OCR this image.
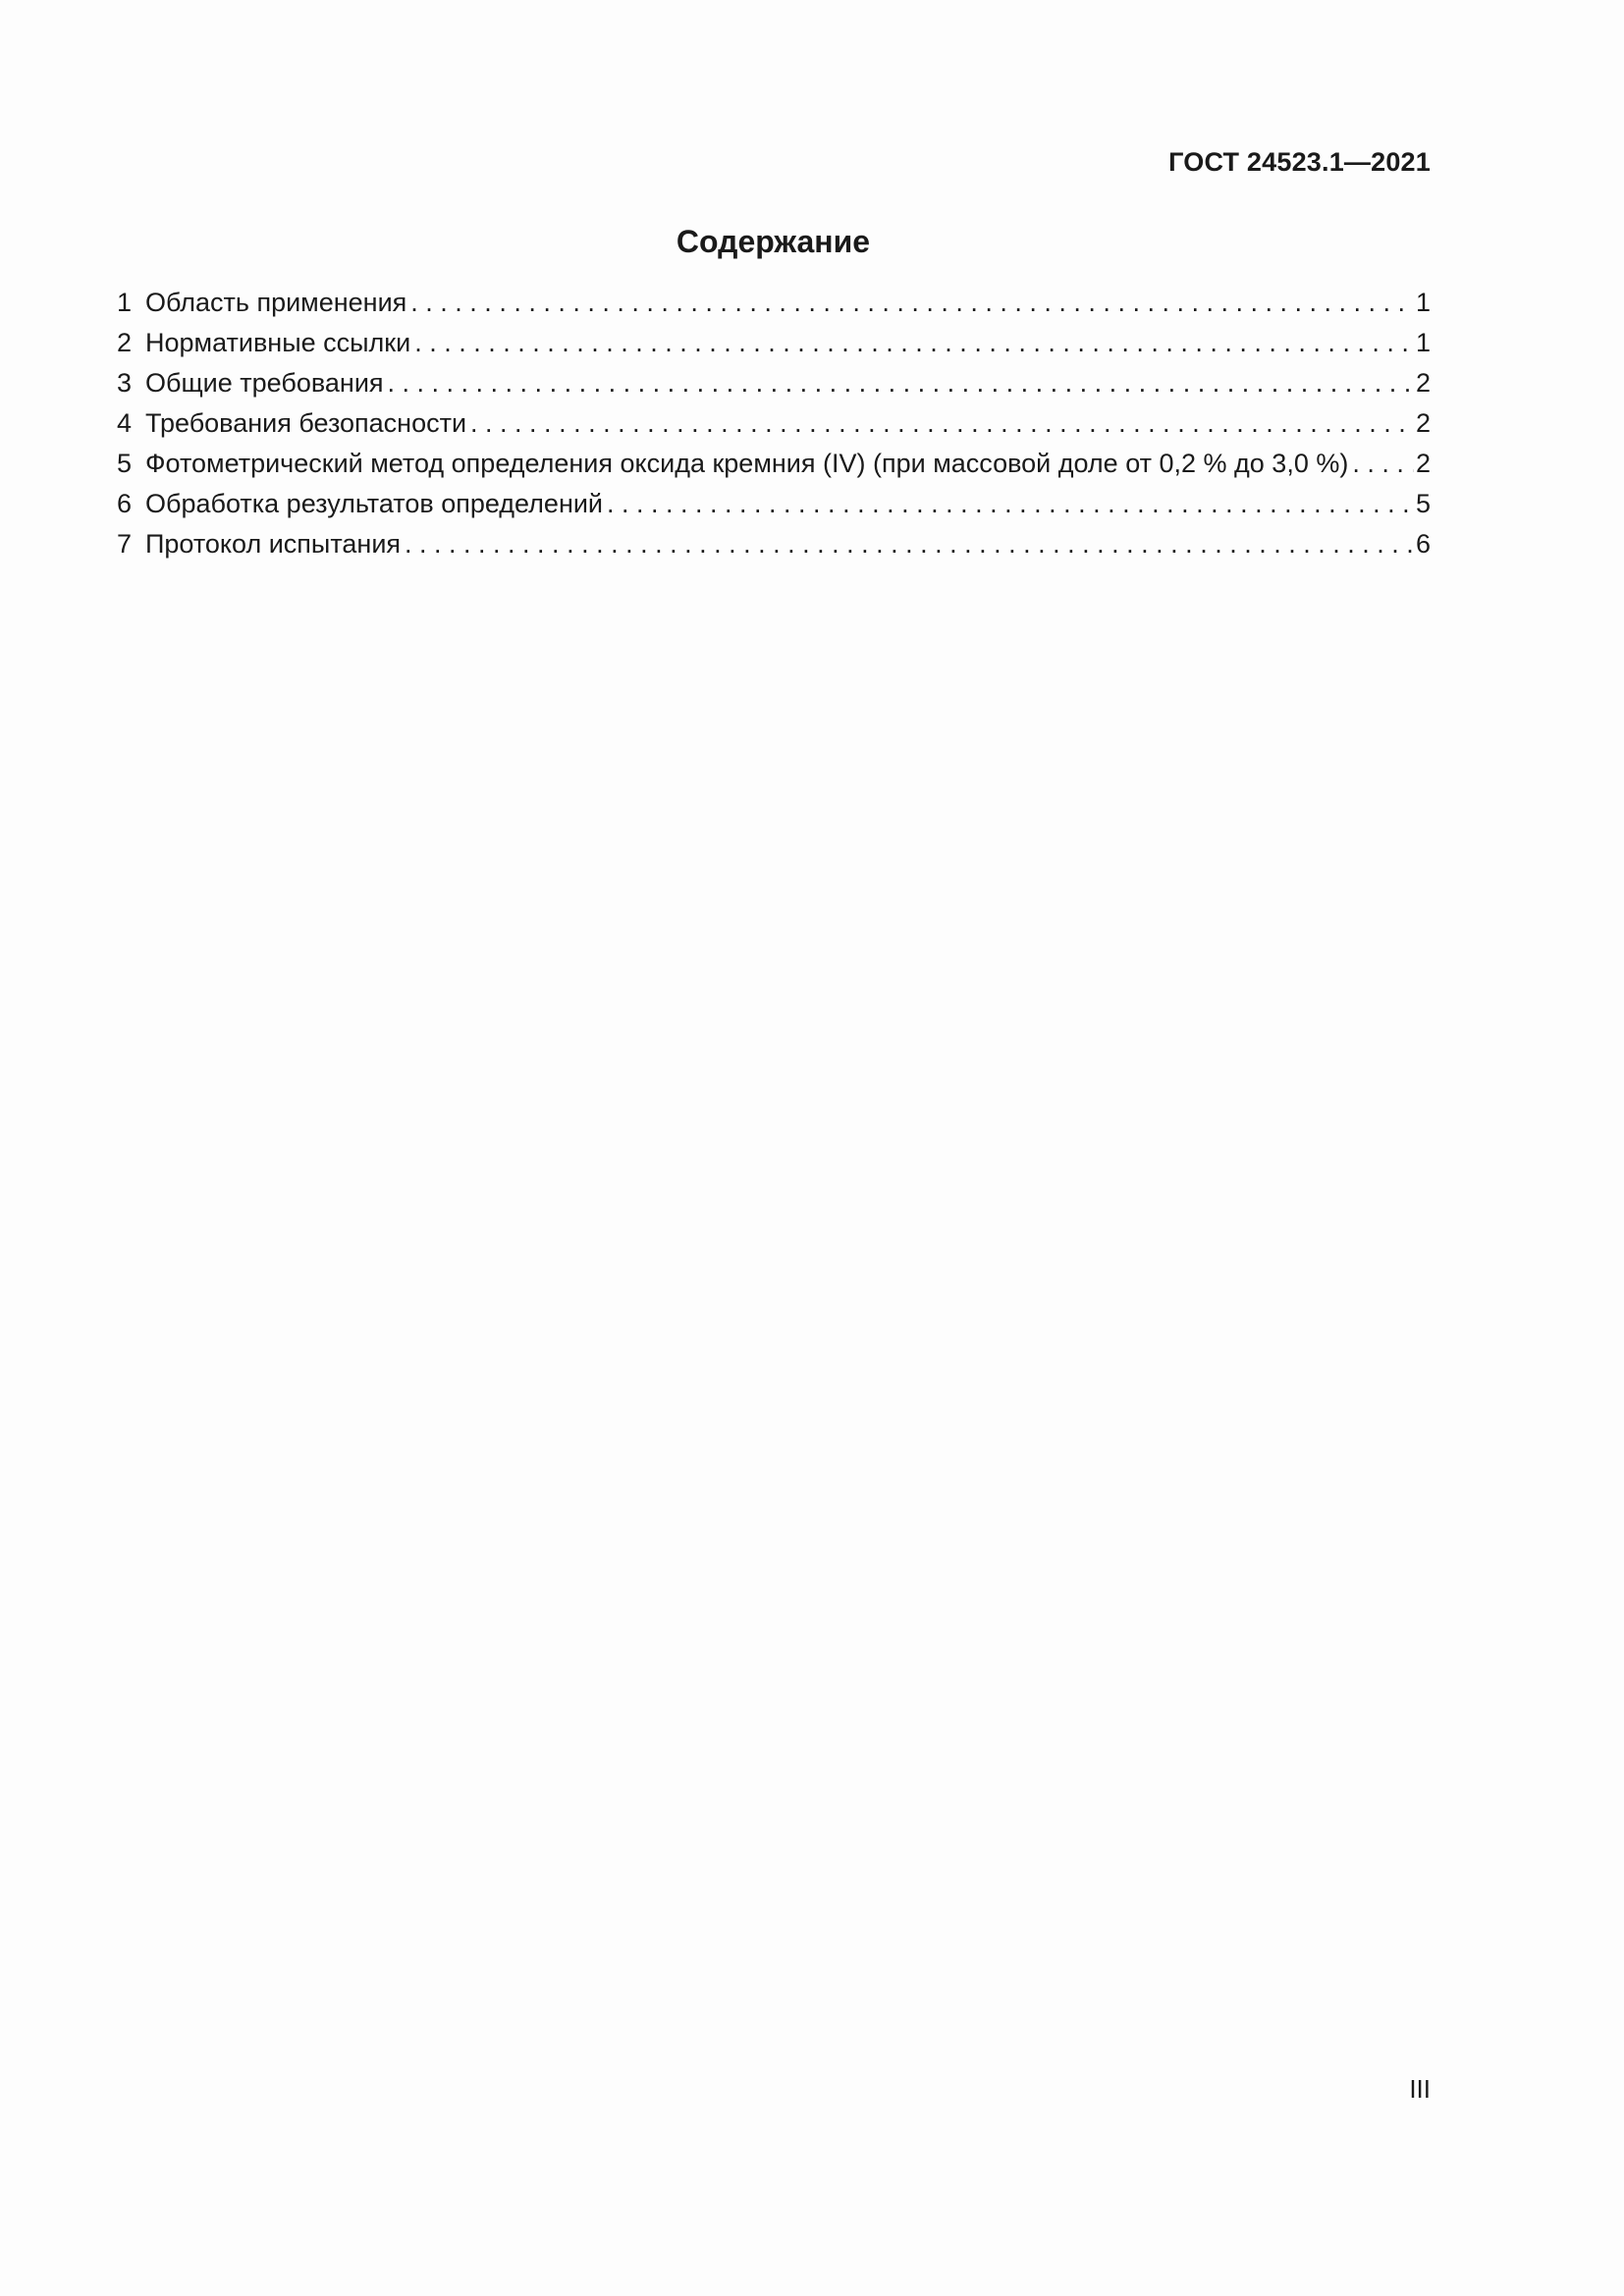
ГОСТ 24523.1—2021
Содержание
1 Область применения . . .	1
2 Нормативные ссылки . . .	1
3 Общие требования . . .	2
4 Требования безопасности . . .	2
5 Фотометрический метод определения оксида кремния (IV) (при массовой доле от 0,2 % до 3,0 %) . . .	2
6 Обработка результатов определений . . .	5
7 Протокол испытания . . .	6
III
